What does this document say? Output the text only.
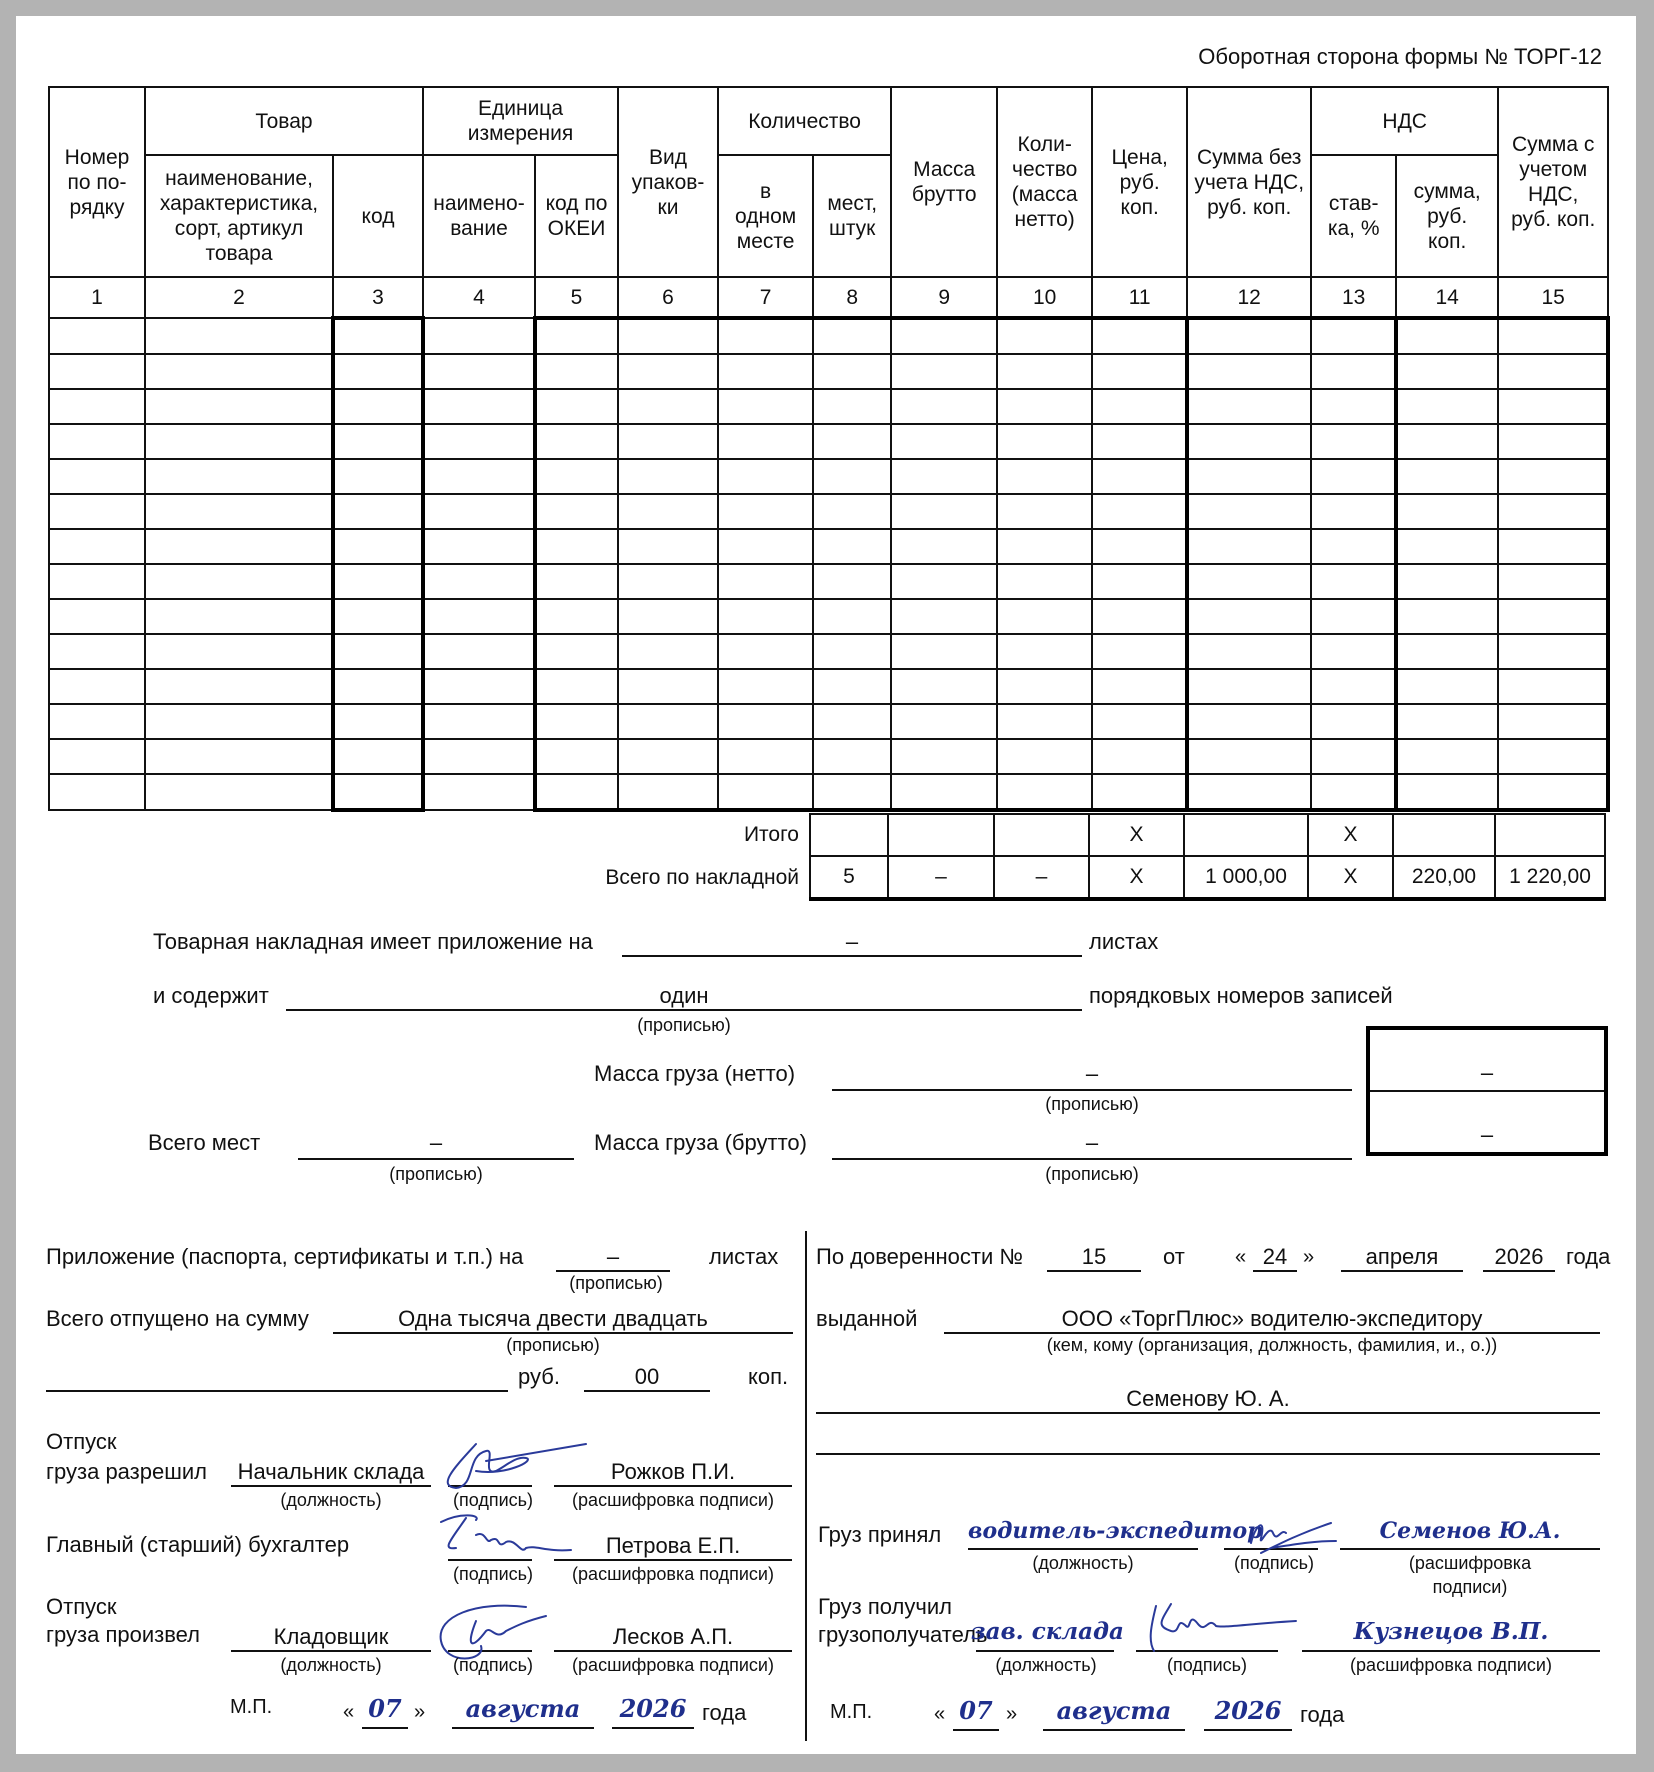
Оборотная сторона формы № ТОРГ-12
Номер по по- рядку	Товар		Единица измерения		Вид упаков- ки	Количество		Масса брутто	Коли- чество (масса нетто)	Цена, руб. коп.	Сумма без учета НДС, руб. коп.	НДС		Сумма с учетом НДС, руб. коп.
	наименование, характеристика, сорт, артикул товара	код	наимено- вание	код по ОКЕИ		в одном месте	мест, штук					став- ка, %	сумма, руб. коп.	
1	2	3	4	5	6	7	8	9	10	11	12	13	14	15

Итого				X		X		
Всего по накладной	5	–	–	X	1 000,00	X	220,00	1 220,00
Товарная накладная имеет приложение на	–	листах
и содержит	один
(прописью)
порядковых номеров записей
Масса груза (нетто)	–
(прописью)
Всего мест	–
(прописью)
Масса груза (брутто)	–
(прописью)
–
–
Приложение (паспорта, сертификаты и т.п.) на	–	листах
(прописью)
Всего отпущено на сумму	Одна тысяча двести двадцать
(прописью)
руб.	00	коп.
Отпуск
груза разрешил Начальник склада
(должность)	(подпись)
Рожков П.И.
(расшифровка подписи)
Главный (старший) бухгалтер
(подпись)
Петрова Е.П.
(расшифровка подписи)
Отпуск
груза произвел	Кладовщик
(должность)	(подпись)
Лесков А.П.
(расшифровка подписи)
М.П.	« 07 »	августа	2026 года
По доверенности №	15	от	« 24 »	апреля	2026	года
выданной	ООО «ТоргПлюс» водителю-экспедитору
(кем, кому (организация, должность, фамилия, и., о.))
Семенову Ю. А.
Груз принял водитель-экспедитор
(должность)	(подпись)
Семенов Ю.А.
(расшифровка
подписи)
Груз получил
грузополучатель
зав. склада
(должность)	(подпись)
Кузнецов В.П.
(расшифровка подписи)
М.П.	« 07 »	августа	2026 года
